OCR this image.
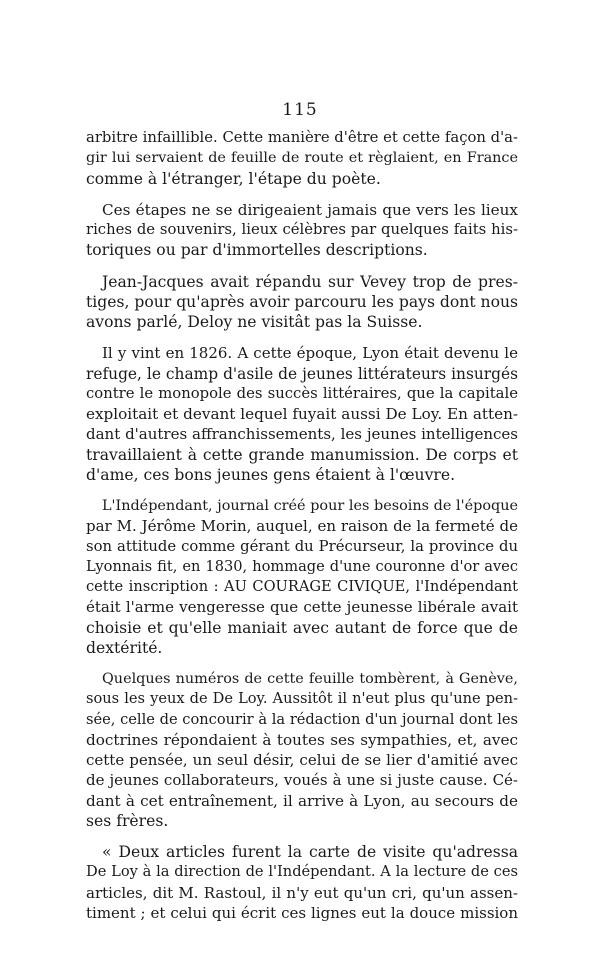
115
arbitre infaillible. Cette manière d'être et cette façon d'a-
gir lui servaient de feuille de route et règlaient, en France
comme à l'étranger, l'étape du poète.
Ces étapes ne se dirigeaient jamais que vers les lieux
riches de souvenirs, lieux célèbres par quelques faits his-
toriques ou par d'immortelles descriptions.
Jean-Jacques avait répandu sur Vevey trop de pres-
tiges, pour qu'après avoir parcouru les pays dont nous
avons parlé, Deloy ne visitât pas la Suisse.
Il y vint en 1826. A cette époque, Lyon était devenu le
refuge, le champ d'asile de jeunes littérateurs insurgés
contre le monopole des succès littéraires, que la capitale
exploitait et devant lequel fuyait aussi De Loy. En atten-
dant d'autres affranchissements, les jeunes intelligences
travaillaient à cette grande manumission. De corps et
d'ame, ces bons jeunes gens étaient à l'œuvre.
L'Indépendant, journal créé pour les besoins de l'époque
par M. Jérôme Morin, auquel, en raison de la fermeté de
son attitude comme gérant du Précurseur, la province du
Lyonnais fit, en 1830, hommage d'une couronne d'or avec
cette inscription : AU COURAGE CIVIQUE, l'Indépendant
était l'arme vengeresse que cette jeunesse libérale avait
choisie et qu'elle maniait avec autant de force que de
dextérité.
Quelques numéros de cette feuille tombèrent, à Genève,
sous les yeux de De Loy. Aussitôt il n'eut plus qu'une pen-
sée, celle de concourir à la rédaction d'un journal dont les
doctrines répondaient à toutes ses sympathies, et, avec
cette pensée, un seul désir, celui de se lier d'amitié avec
de jeunes collaborateurs, voués à une si juste cause. Cé-
dant à cet entraînement, il arrive à Lyon, au secours de
ses frères.
« Deux articles furent la carte de visite qu'adressa
De Loy à la direction de l'Indépendant. A la lecture de ces
articles, dit M. Rastoul, il n'y eut qu'un cri, qu'un assen-
timent ; et celui qui écrit ces lignes eut la douce mission
